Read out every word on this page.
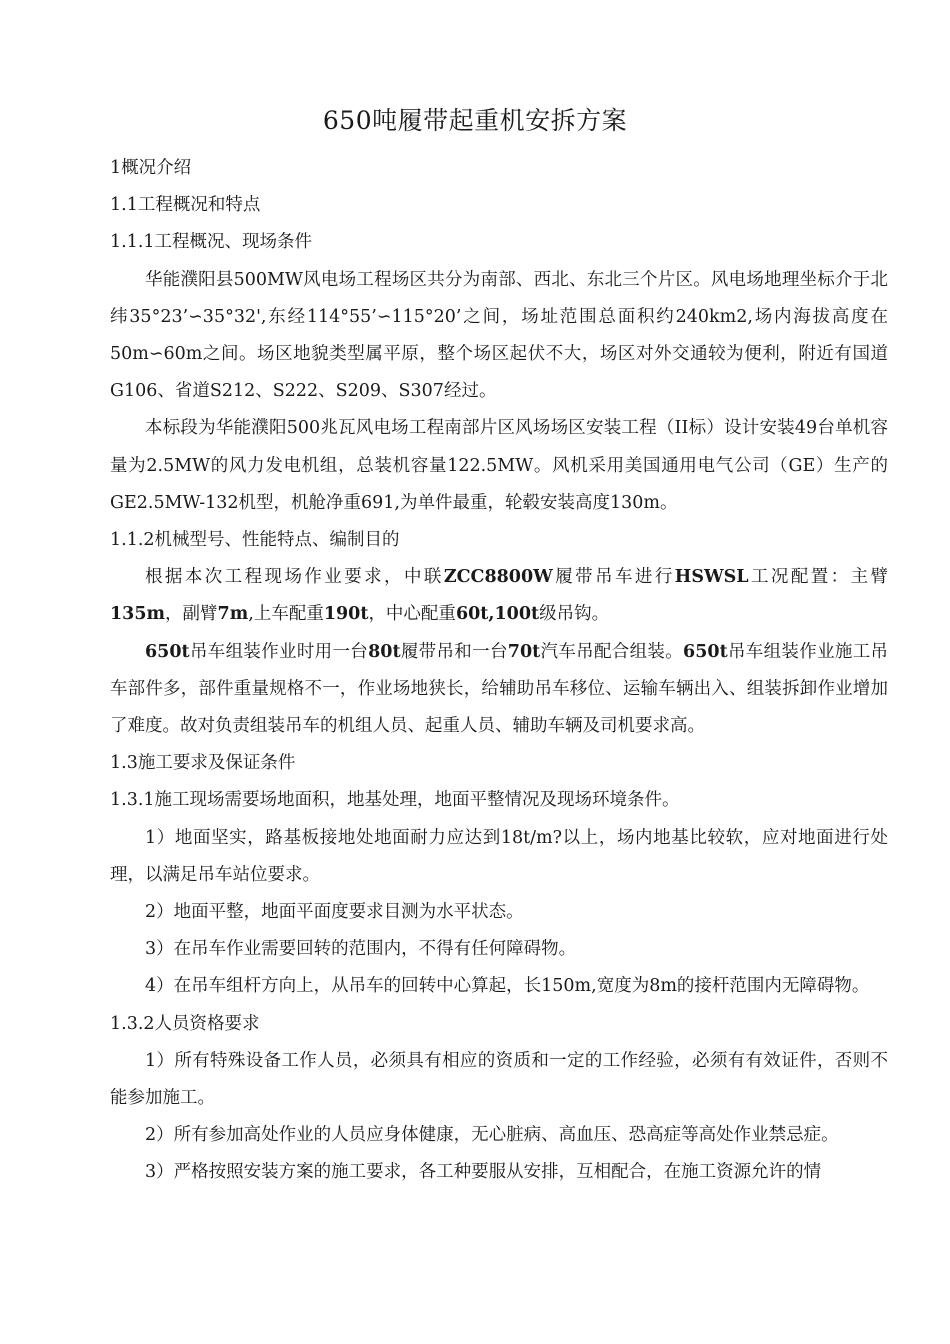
650吨履带起重机安拆方案

1概况介绍

1.1工程概况和特点

1.1.1工程概况、现场条件

华能濮阳县500MW风电场工程场区共分为南部、西北、东北三个片区。风电场地理坐标介于北纬35°23’∽35°32',东经114°55’∽115°20’之间，场址范围总面积约240km2,场内海拔高度在50m∽60m之间。场区地貌类型属平原，整个场区起伏不大，场区对外交通较为便利，附近有国道G106、省道S212、S222、S209、S307经过。

本标段为华能濮阳500兆瓦风电场工程南部片区风场场区安装工程（II标）设计安装49台单机容量为2.5MW的风力发电机组，总装机容量122.5MW。风机采用美国通用电气公司（GE）生产的GE2.5MW-132机型，机舱净重691,为单件最重，轮毂安装高度130m。

1.1.2机械型号、性能特点、编制目的

根据本次工程现场作业要求，中联ZCC8800W履带吊车进行HSWSL工况配置：主臂135m，副臂7m,上车配重190t，中心配重60t,100t级吊钩。

650t吊车组装作业时用一台80t履带吊和一台70t汽车吊配合组装。650t吊车组装作业施工吊车部件多，部件重量规格不一，作业场地狭长，给辅助吊车移位、运输车辆出入、组装拆卸作业增加了难度。故对负责组装吊车的机组人员、起重人员、辅助车辆及司机要求高。

1.3施工要求及保证条件

1.3.1施工现场需要场地面积，地基处理，地面平整情况及现场环境条件。

1）地面坚实，路基板接地处地面耐力应达到18t/m?以上，场内地基比较软，应对地面进行处理，以满足吊车站位要求。

2）地面平整，地面平面度要求目测为水平状态。

3）在吊车作业需要回转的范围内，不得有任何障碍物。

4）在吊车组杆方向上，从吊车的回转中心算起，长150m,宽度为8m的接杆范围内无障碍物。

1.3.2人员资格要求

1）所有特殊设备工作人员，必须具有相应的资质和一定的工作经验，必须有有效证件，否则不能参加施工。

2）所有参加高处作业的人员应身体健康，无心脏病、高血压、恐高症等高处作业禁忌症。

3）严格按照安装方案的施工要求，各工种要服从安排，互相配合，在施工资源允许的情
